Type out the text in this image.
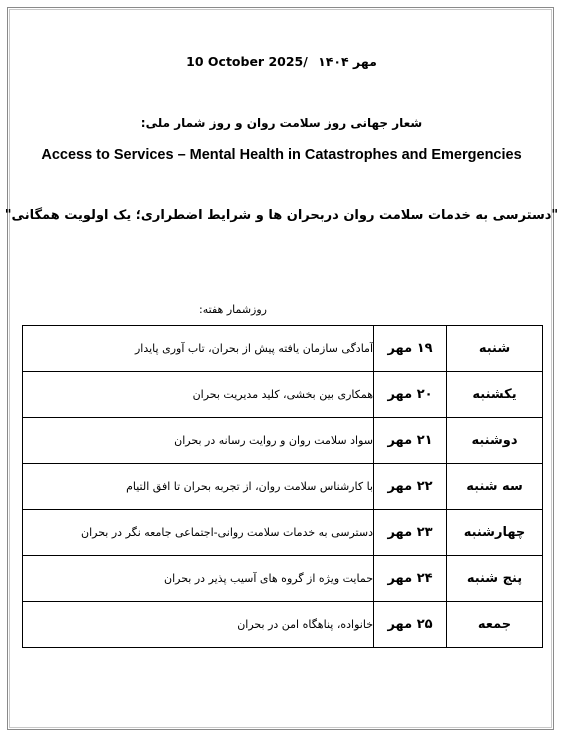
10 October 2025/ مهر ۱۴۰۴
شعار جهانی روز سلامت روان و روز شمار ملی:
Access to Services – Mental Health in Catastrophes and Emergencies
"دسترسی به خدمات سلامت روان دربحران ها و شرایط اضطراری؛ یک اولویت همگانی"
روزشمار هفته:
شنبه	۱۹ مهر	آمادگی سازمان یافته پیش از بحران، تاب آوری پایدار
یکشنبه	۲۰ مهر	همکاری بین بخشی، کلید مدیریت بحران
دوشنبه	۲۱ مهر	سواد سلامت روان و روایت رسانه در بحران
سه شنبه	۲۲ مهر	با کارشناس سلامت روان، از تجربه بحران تا افق التیام
چهارشنبه	۲۳ مهر	دسترسی به خدمات سلامت روانی-اجتماعی جامعه نگر در بحران
پنج شنبه	۲۴ مهر	حمایت ویژه از گروه های آسیب پذیر در بحران
جمعه	۲۵ مهر	خانواده، پناهگاه امن در بحران
